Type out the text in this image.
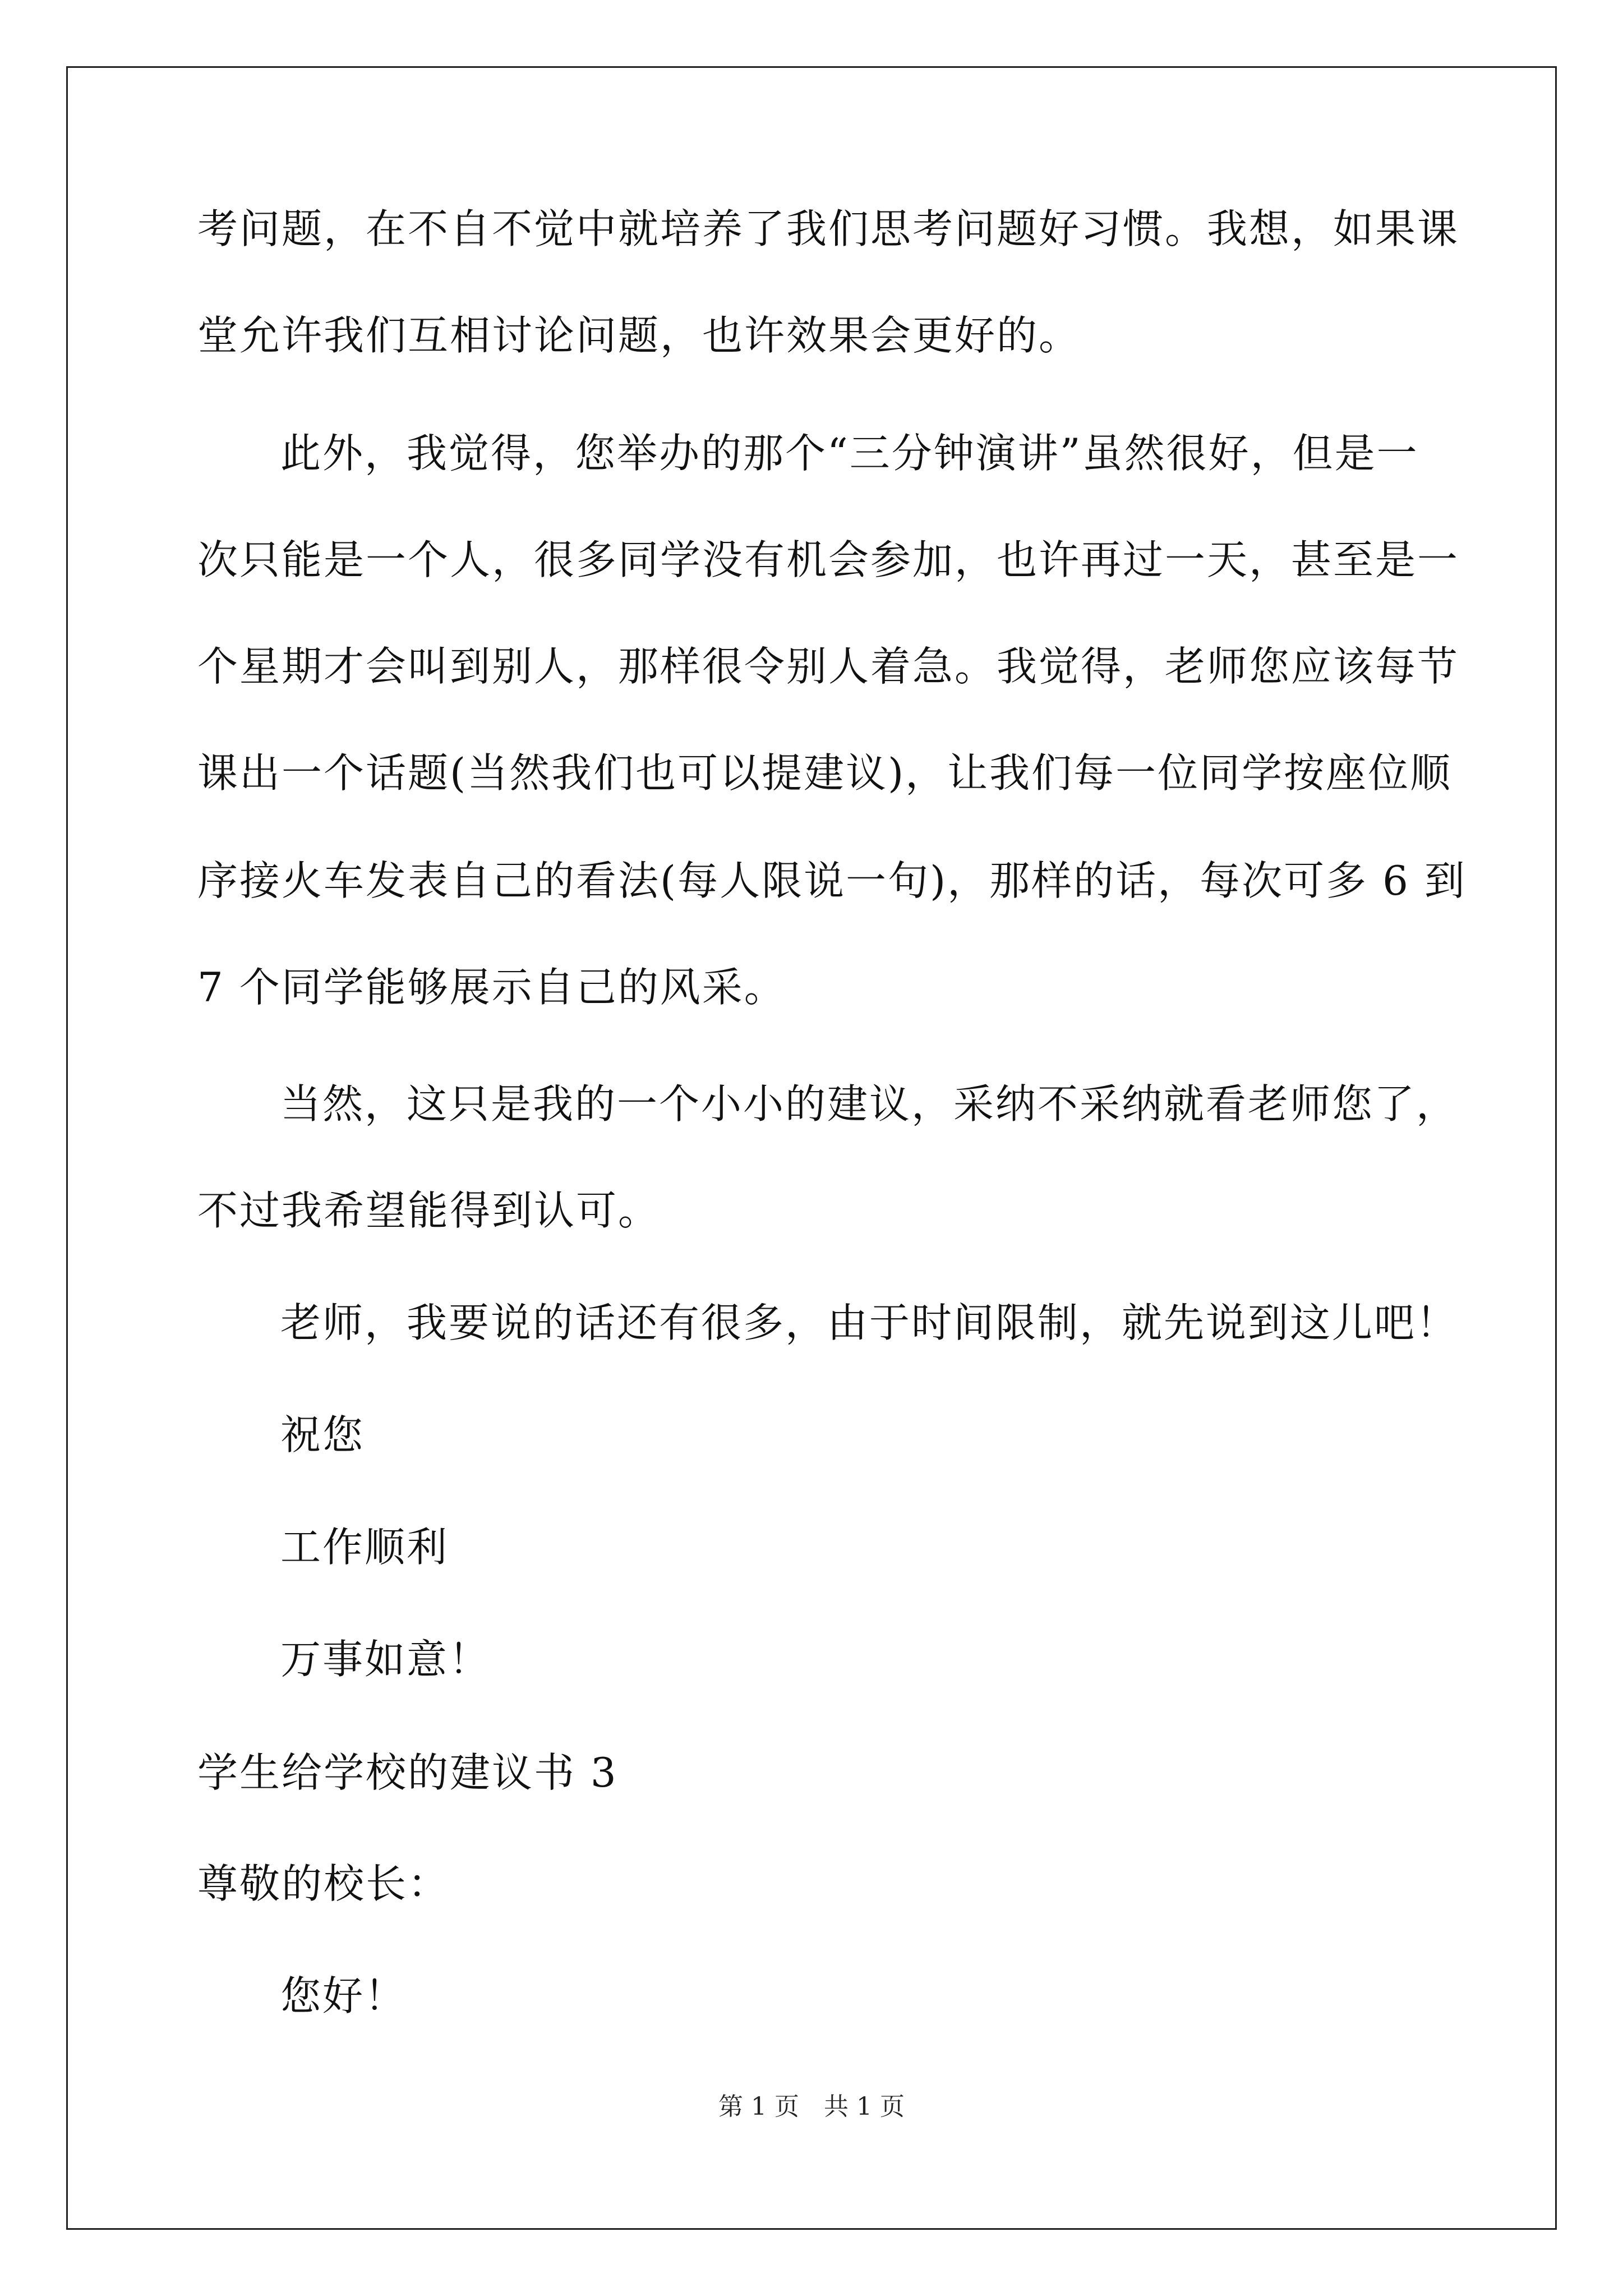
考问题，在不自不觉中就培养了我们思考问题好习惯。我想，如果课
堂允许我们互相讨论问题，也许效果会更好的。
此外，我觉得，您举办的那个“三分钟演讲”虽然很好，但是一
次只能是一个人，很多同学没有机会参加，也许再过一天，甚至是一
个星期才会叫到别人，那样很令别人着急。我觉得，老师您应该每节
课出一个话题(当然我们也可以提建议)，让我们每一位同学按座位顺
序接火车发表自己的看法(每人限说一句)，那样的话，每次可多 6 到
7 个同学能够展示自己的风采。
当然，这只是我的一个小小的建议，采纳不采纳就看老师您了，
不过我希望能得到认可。
老师，我要说的话还有很多，由于时间限制，就先说到这儿吧！
祝您
工作顺利
万事如意！
学生给学校的建议书 3
尊敬的校长：
您好！
第 1 页　共 1 页
